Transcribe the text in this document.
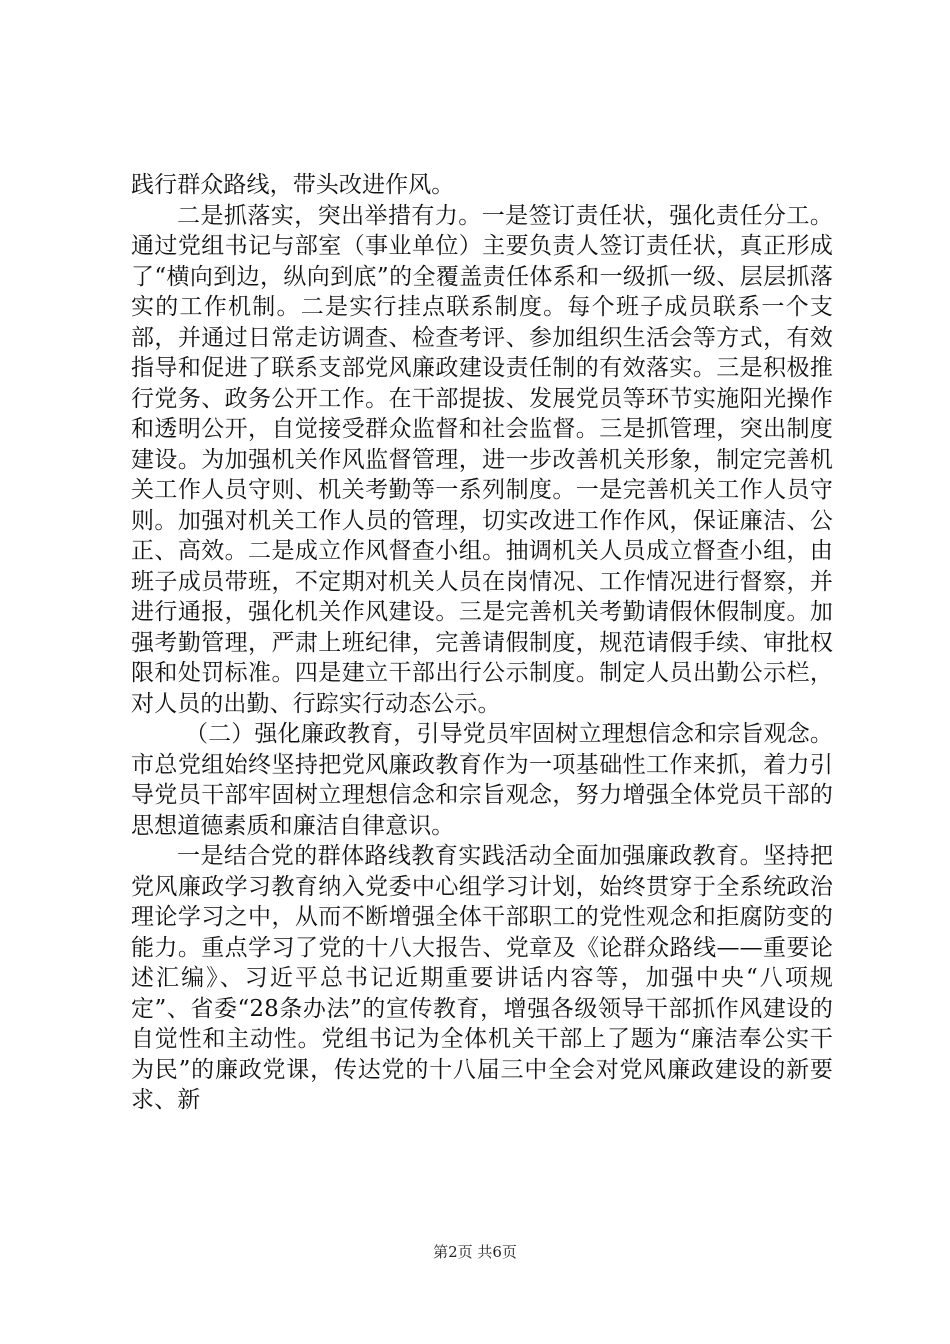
践行群众路线，带头改进作风。

二是抓落实，突出举措有力。一是签订责任状，强化责任分工。通过党组书记与部室（事业单位）主要负责人签订责任状，真正形成了“横向到边，纵向到底”的全覆盖责任体系和一级抓一级、层层抓落实的工作机制。二是实行挂点联系制度。每个班子成员联系一个支部，并通过日常走访调查、检查考评、参加组织生活会等方式，有效指导和促进了联系支部党风廉政建设责任制的有效落实。三是积极推行党务、政务公开工作。在干部提拔、发展党员等环节实施阳光操作和透明公开，自觉接受群众监督和社会监督。三是抓管理，突出制度建设。为加强机关作风监督管理，进一步改善机关形象，制定完善机关工作人员守则、机关考勤等一系列制度。一是完善机关工作人员守则。加强对机关工作人员的管理，切实改进工作作风，保证廉洁、公正、高效。二是成立作风督查小组。抽调机关人员成立督查小组，由班子成员带班，不定期对机关人员在岗情况、工作情况进行督察，并进行通报，强化机关作风建设。三是完善机关考勤请假休假制度。加强考勤管理，严肃上班纪律，完善请假制度，规范请假手续、审批权限和处罚标准。四是建立干部出行公示制度。制定人员出勤公示栏，对人员的出勤、行踪实行动态公示。

（二）强化廉政教育，引导党员牢固树立理想信念和宗旨观念。市总党组始终坚持把党风廉政教育作为一项基础性工作来抓，着力引导党员干部牢固树立理想信念和宗旨观念，努力增强全体党员干部的思想道德素质和廉洁自律意识。

一是结合党的群体路线教育实践活动全面加强廉政教育。坚持把党风廉政学习教育纳入党委中心组学习计划，始终贯穿于全系统政治理论学习之中，从而不断增强全体干部职工的党性观念和拒腐防变的能力。重点学习了党的十八大报告、党章及《论群众路线——重要论述汇编》、习近平总书记近期重要讲话内容等，加强中央“八项规定”、省委“28条办法”的宣传教育，增强各级领导干部抓作风建设的自觉性和主动性。党组书记为全体机关干部上了题为“廉洁奉公实干为民”的廉政党课，传达党的十八届三中全会对党风廉政建设的新要求、新

第2页 共6页
